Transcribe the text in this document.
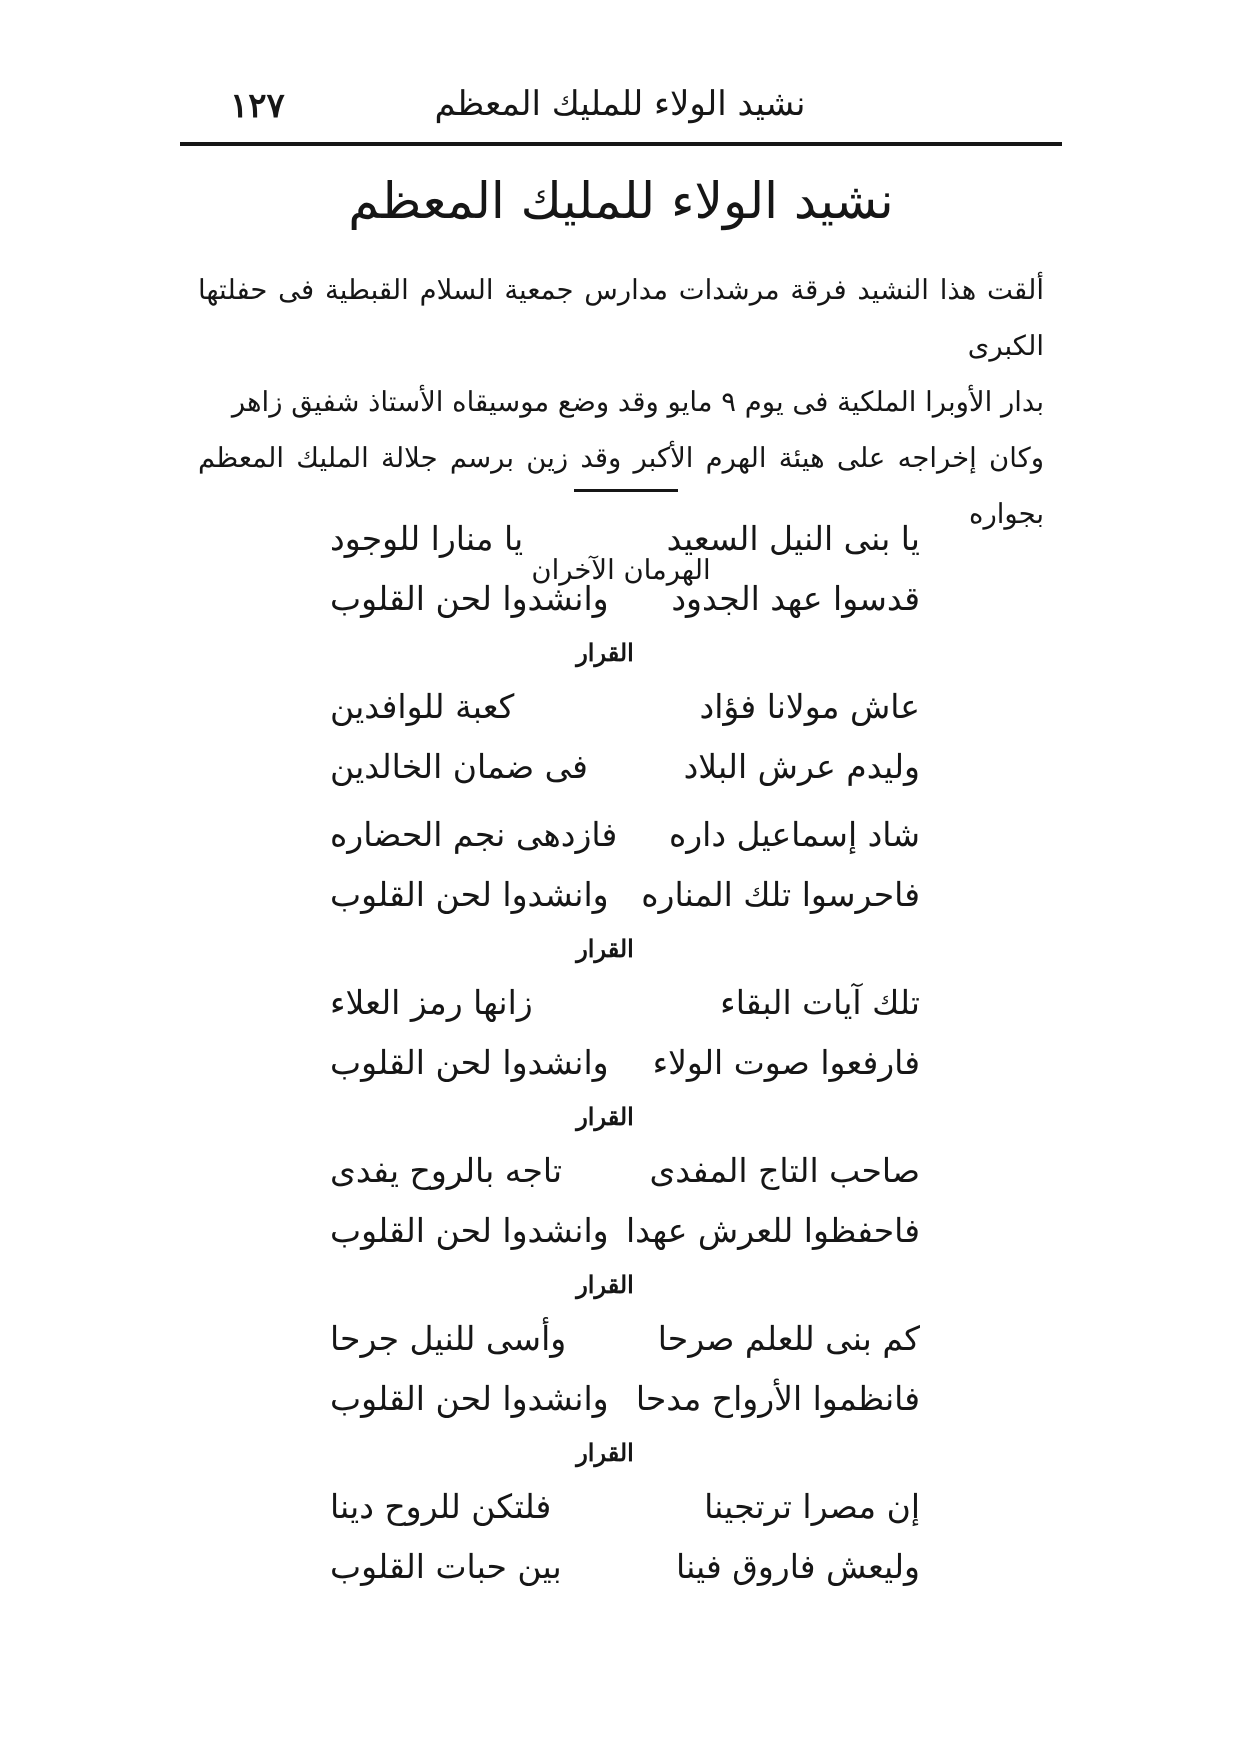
١٢٧	نشيد الولاء للمليك المعظم
نشيد الولاء للمليك المعظم

ألقت هذا النشيد فرقة مرشدات مدارس جمعية السلام القبطية فى حفلتها الكبرى

بدار الأوبرا الملكية فى يوم ٩ مايو وقد وضع موسيقاه الأستاذ شفيق زاهر

وكان إخراجه على هيئة الهرم الأكبر وقد زين برسم جلالة المليك المعظم بجواره

الهرمان الآخران

يا بنى النيل السعيد
يا منارا للوجود
قدسوا عهد الجدود
وانشدوا لحن القلوب
القرار
عاش مولانا فؤاد
كعبة للوافدين
وليدم عرش البلاد
فى ضمان الخالدين
شاد إسماعيل داره
فازدهى نجم الحضاره
فاحرسوا تلك المناره
وانشدوا لحن القلوب
القرار
تلك آيات البقاء
زانها رمز العلاء
فارفعوا صوت الولاء
وانشدوا لحن القلوب
القرار
صاحب التاج المفدى
تاجه بالروح يفدى
فاحفظوا للعرش عهدا
وانشدوا لحن القلوب
القرار
كم بنى للعلم صرحا
وأسى للنيل جرحا
فانظموا الأرواح مدحا
وانشدوا لحن القلوب
القرار
إن مصرا ترتجينا
فلتكن للروح دينا
وليعش فاروق فينا
بين حبات القلوب
